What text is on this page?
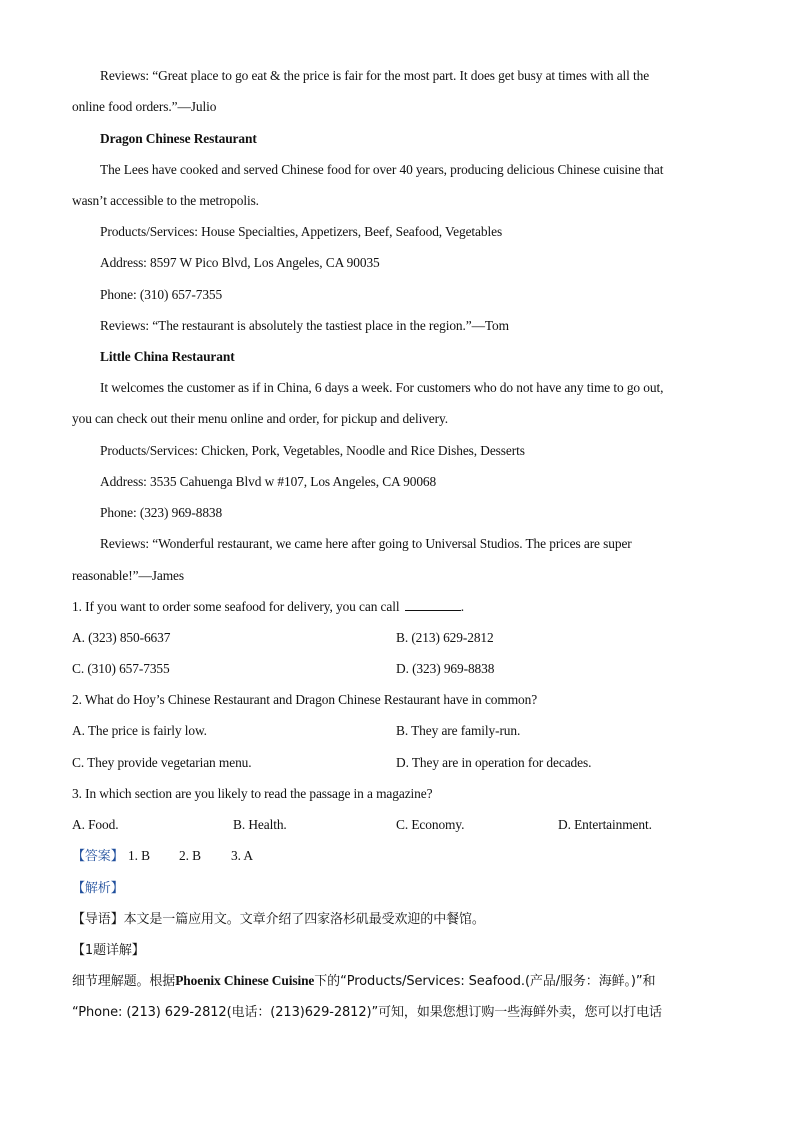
Reviews: “Great place to go eat & the price is fair for the most part. It does get busy at times with all the
online food orders.”—Julio
Dragon Chinese Restaurant
The Lees have cooked and served Chinese food for over 40 years, producing delicious Chinese cuisine that
wasn’t accessible to the metropolis.
Products/Services: House Specialties, Appetizers, Beef, Seafood, Vegetables
Address: 8597 W Pico Blvd, Los Angeles, CA 90035
Phone: (310) 657-7355
Reviews: “The restaurant is absolutely the tastiest place in the region.”—Tom
Little China Restaurant
It welcomes the customer as if in China, 6 days a week. For customers who do not have any time to go out,
you can check out their menu online and order, for pickup and delivery.
Products/Services: Chicken, Pork, Vegetables, Noodle and Rice Dishes, Desserts
Address: 3535 Cahuenga Blvd w #107, Los Angeles, CA 90068
Phone: (323) 969-8838
Reviews: “Wonderful restaurant, we came here after going to Universal Studios. The prices are super
reasonable!”—James
1. If you want to order some seafood for delivery, you can call	.
A. (323) 850-6637	B. (213) 629-2812
C. (310) 657-7355	D. (323) 969-8838
2. What do Hoy’s Chinese Restaurant and Dragon Chinese Restaurant have in common?
A. The price is fairly low.	B. They are family-run.
C. They provide vegetarian menu.	D. They are in operation for decades.
3. In which section are you likely to read the passage in a magazine?
A. Food.	B. Health.	C. Economy.	D. Entertainment.
【答案】 1. B 2. B 3. A
【解析】
【导语】本文是一篇应用文。文章介绍了四家洛杉矶最受欢迎的中餐馆。
【1题详解】
细节理解题。根据Phoenix Chinese Cuisine下的“Products/Services: Seafood.(产品/服务：海鲜。)”和
“Phone: (213) 629-2812(电话：(213)629-2812)”可知，如果您想订购一些海鲜外卖，您可以打电话
